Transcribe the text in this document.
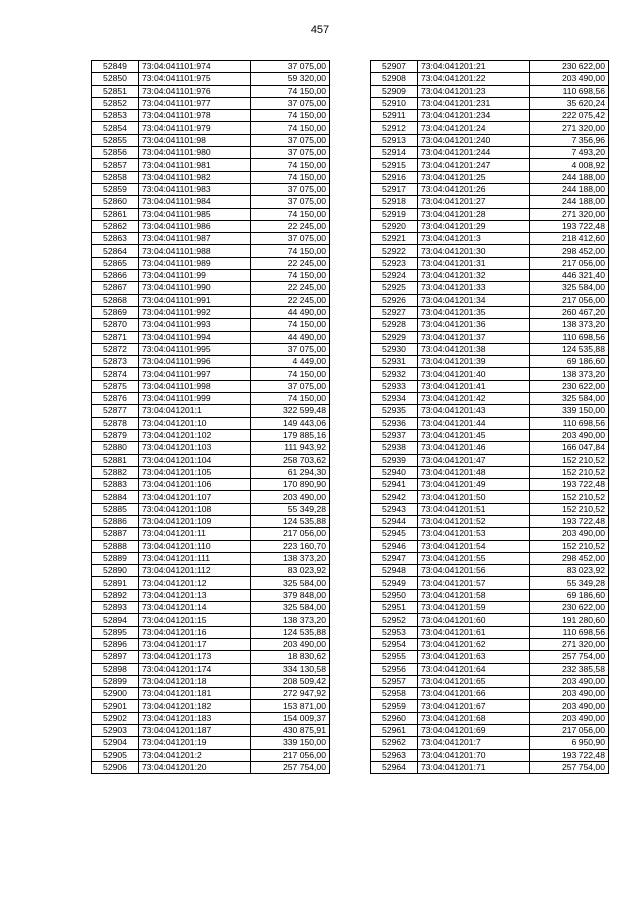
457
52849	73:04:041101:974	37 075,00
52850	73:04:041101:975	59 320,00
52851	73:04:041101:976	74 150,00
52852	73:04:041101:977	37 075,00
52853	73:04:041101:978	74 150,00
52854	73:04:041101:979	74 150,00
52855	73:04:041101:98	37 075,00
52856	73:04:041101:980	37 075,00
52857	73:04:041101:981	74 150,00
52858	73:04:041101:982	74 150,00
52859	73:04:041101:983	37 075,00
52860	73:04:041101:984	37 075,00
52861	73:04:041101:985	74 150,00
52862	73:04:041101:986	22 245,00
52863	73:04:041101:987	37 075,00
52864	73:04:041101:988	74 150,00
52865	73:04:041101:989	22 245,00
52866	73:04:041101:99	74 150,00
52867	73:04:041101:990	22 245,00
52868	73:04:041101:991	22 245,00
52869	73:04:041101:992	44 490,00
52870	73:04:041101:993	74 150,00
52871	73:04:041101:994	44 490,00
52872	73:04:041101:995	37 075,00
52873	73:04:041101:996	4 449,00
52874	73:04:041101:997	74 150,00
52875	73:04:041101:998	37 075,00
52876	73:04:041101:999	74 150,00
52877	73:04:041201:1	322 599,48
52878	73:04:041201:10	149 443,06
52879	73:04:041201:102	179 885,16
52880	73:04:041201:103	111 943,92
52881	73:04:041201:104	258 703,62
52882	73:04:041201:105	61 294,30
52883	73:04:041201:106	170 890,90
52884	73:04:041201:107	203 490,00
52885	73:04:041201:108	55 349,28
52886	73:04:041201:109	124 535,88
52887	73:04:041201:11	217 056,00
52888	73:04:041201:110	223 160,70
52889	73:04:041201:111	138 373,20
52890	73:04:041201:112	83 023,92
52891	73:04:041201:12	325 584,00
52892	73:04:041201:13	379 848,00
52893	73:04:041201:14	325 584,00
52894	73:04:041201:15	138 373,20
52895	73:04:041201:16	124 535,88
52896	73:04:041201:17	203 490,00
52897	73:04:041201:173	18 830,62
52898	73:04:041201:174	334 130,58
52899	73:04:041201:18	208 509,42
52900	73:04:041201:181	272 947,92
52901	73:04:041201:182	153 871,00
52902	73:04:041201:183	154 009,37
52903	73:04:041201:187	430 875,91
52904	73:04:041201:19	339 150,00
52905	73:04:041201:2	217 056,00
52906	73:04:041201:20	257 754,00
52907	73:04:041201:21	230 622,00
52908	73:04:041201:22	203 490,00
52909	73:04:041201:23	110 698,56
52910	73:04:041201:231	35 620,24
52911	73:04:041201:234	222 075,42
52912	73:04:041201:24	271 320,00
52913	73:04:041201:240	7 356,96
52914	73:04:041201:244	7 493,20
52915	73:04:041201:247	4 008,92
52916	73:04:041201:25	244 188,00
52917	73:04:041201:26	244 188,00
52918	73:04:041201:27	244 188,00
52919	73:04:041201:28	271 320,00
52920	73:04:041201:29	193 722,48
52921	73:04:041201:3	218 412,60
52922	73:04:041201:30	298 452,00
52923	73:04:041201:31	217 056,00
52924	73:04:041201:32	446 321,40
52925	73:04:041201:33	325 584,00
52926	73:04:041201:34	217 056,00
52927	73:04:041201:35	260 467,20
52928	73:04:041201:36	138 373,20
52929	73:04:041201:37	110 698,56
52930	73:04:041201:38	124 535,88
52931	73:04:041201:39	69 186,60
52932	73:04:041201:40	138 373,20
52933	73:04:041201:41	230 622,00
52934	73:04:041201:42	325 584,00
52935	73:04:041201:43	339 150,00
52936	73:04:041201:44	110 698,56
52937	73:04:041201:45	203 490,00
52938	73:04:041201:46	166 047,84
52939	73:04:041201:47	152 210,52
52940	73:04:041201:48	152 210,52
52941	73:04:041201:49	193 722,48
52942	73:04:041201:50	152 210,52
52943	73:04:041201:51	152 210,52
52944	73:04:041201:52	193 722,48
52945	73:04:041201:53	203 490,00
52946	73:04:041201:54	152 210,52
52947	73:04:041201:55	298 452,00
52948	73:04:041201:56	83 023,92
52949	73:04:041201:57	55 349,28
52950	73:04:041201:58	69 186,60
52951	73:04:041201:59	230 622,00
52952	73:04:041201:60	191 280,60
52953	73:04:041201:61	110 698,56
52954	73:04:041201:62	271 320,00
52955	73:04:041201:63	257 754,00
52956	73:04:041201:64	232 385,58
52957	73:04:041201:65	203 490,00
52958	73:04:041201:66	203 490,00
52959	73:04:041201:67	203 490,00
52960	73:04:041201:68	203 490,00
52961	73:04:041201:69	217 056,00
52962	73:04:041201:7	6 950,90
52963	73:04:041201:70	193 722,48
52964	73:04:041201:71	257 754,00
